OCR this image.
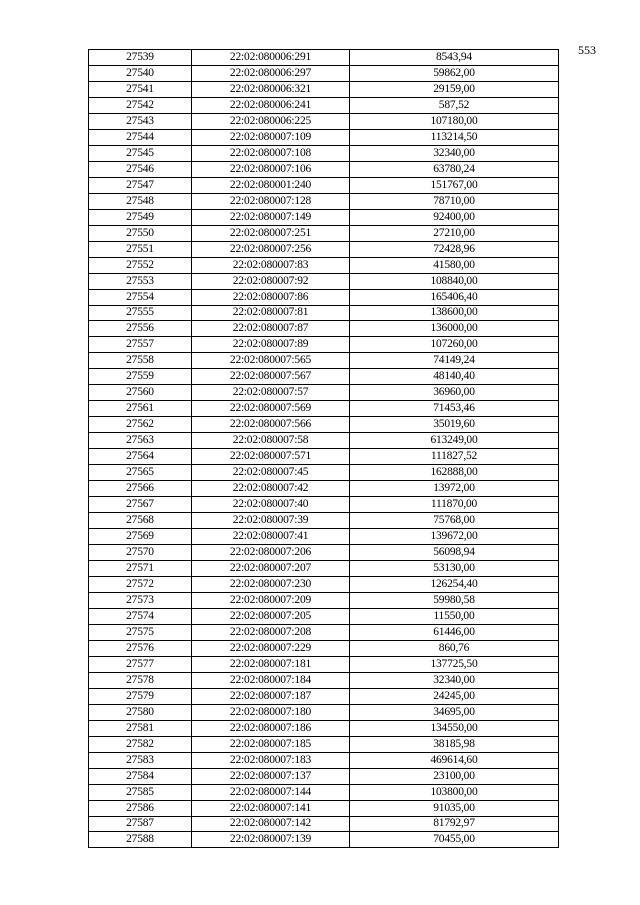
553
27539	22:02:080006:291	8543,94
27540	22:02:080006:297	59862,00
27541	22:02:080006:321	29159,00
27542	22:02:080006:241	587,52
27543	22:02:080006:225	107180,00
27544	22:02:080007:109	113214,50
27545	22:02:080007:108	32340,00
27546	22:02:080007:106	63780,24
27547	22:02:080001:240	151767,00
27548	22:02:080007:128	78710,00
27549	22:02:080007:149	92400,00
27550	22:02:080007:251	27210,00
27551	22:02:080007:256	72428,96
27552	22:02:080007:83	41580,00
27553	22:02:080007:92	108840,00
27554	22:02:080007:86	165406,40
27555	22:02:080007:81	138600,00
27556	22:02:080007:87	136000,00
27557	22:02:080007:89	107260,00
27558	22:02:080007:565	74149,24
27559	22:02:080007:567	48140,40
27560	22:02:080007:57	36960,00
27561	22:02:080007:569	71453,46
27562	22:02:080007:566	35019,60
27563	22:02:080007:58	613249,00
27564	22:02:080007:571	111827,52
27565	22:02:080007:45	162888,00
27566	22:02:080007:42	13972,00
27567	22:02:080007:40	111870,00
27568	22:02:080007:39	75768,00
27569	22:02:080007:41	139672,00
27570	22:02:080007:206	56098,94
27571	22:02:080007:207	53130,00
27572	22:02:080007:230	126254,40
27573	22:02:080007:209	59980,58
27574	22:02:080007:205	11550,00
27575	22:02:080007:208	61446,00
27576	22:02:080007:229	860,76
27577	22:02:080007:181	137725,50
27578	22:02:080007:184	32340,00
27579	22:02:080007:187	24245,00
27580	22:02:080007:180	34695,00
27581	22:02:080007:186	134550,00
27582	22:02:080007:185	38185,98
27583	22:02:080007:183	469614,60
27584	22:02:080007:137	23100,00
27585	22:02:080007:144	103800,00
27586	22:02:080007:141	91035,00
27587	22:02:080007:142	81792,97
27588	22:02:080007:139	70455,00
